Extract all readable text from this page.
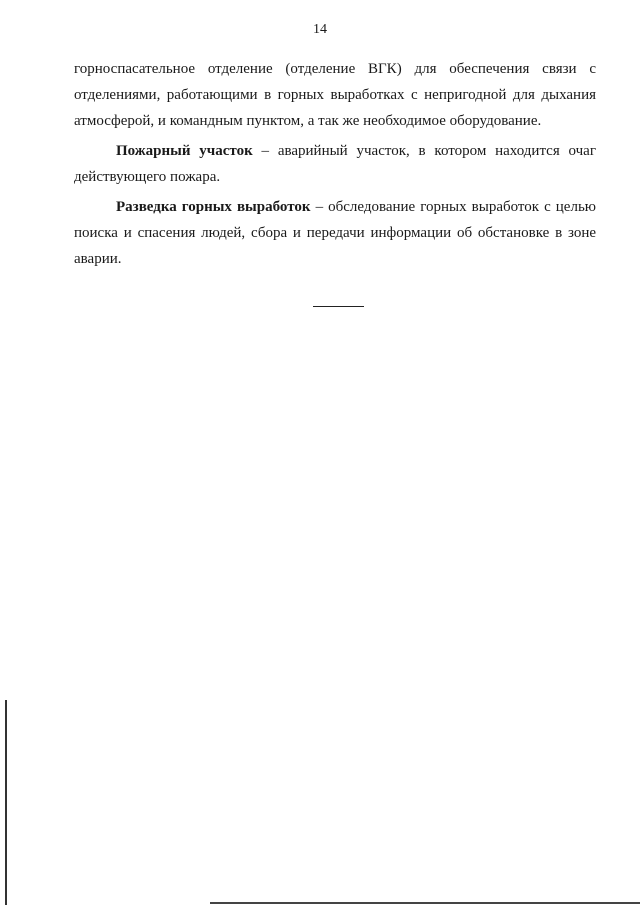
14

горноспасательное отделение (отделение ВГК) для обеспечения связи с отделениями, работающими в горных выработках с непригодной для дыхания атмосферой, и командным пунктом, а так же необходимое оборудование.

Пожарный участок – аварийный участок, в котором находится очаг действующего пожара.

Разведка горных выработок – обследование горных выработок с целью поиска и спасения людей, сбора и передачи информации об обстановке в зоне аварии.
